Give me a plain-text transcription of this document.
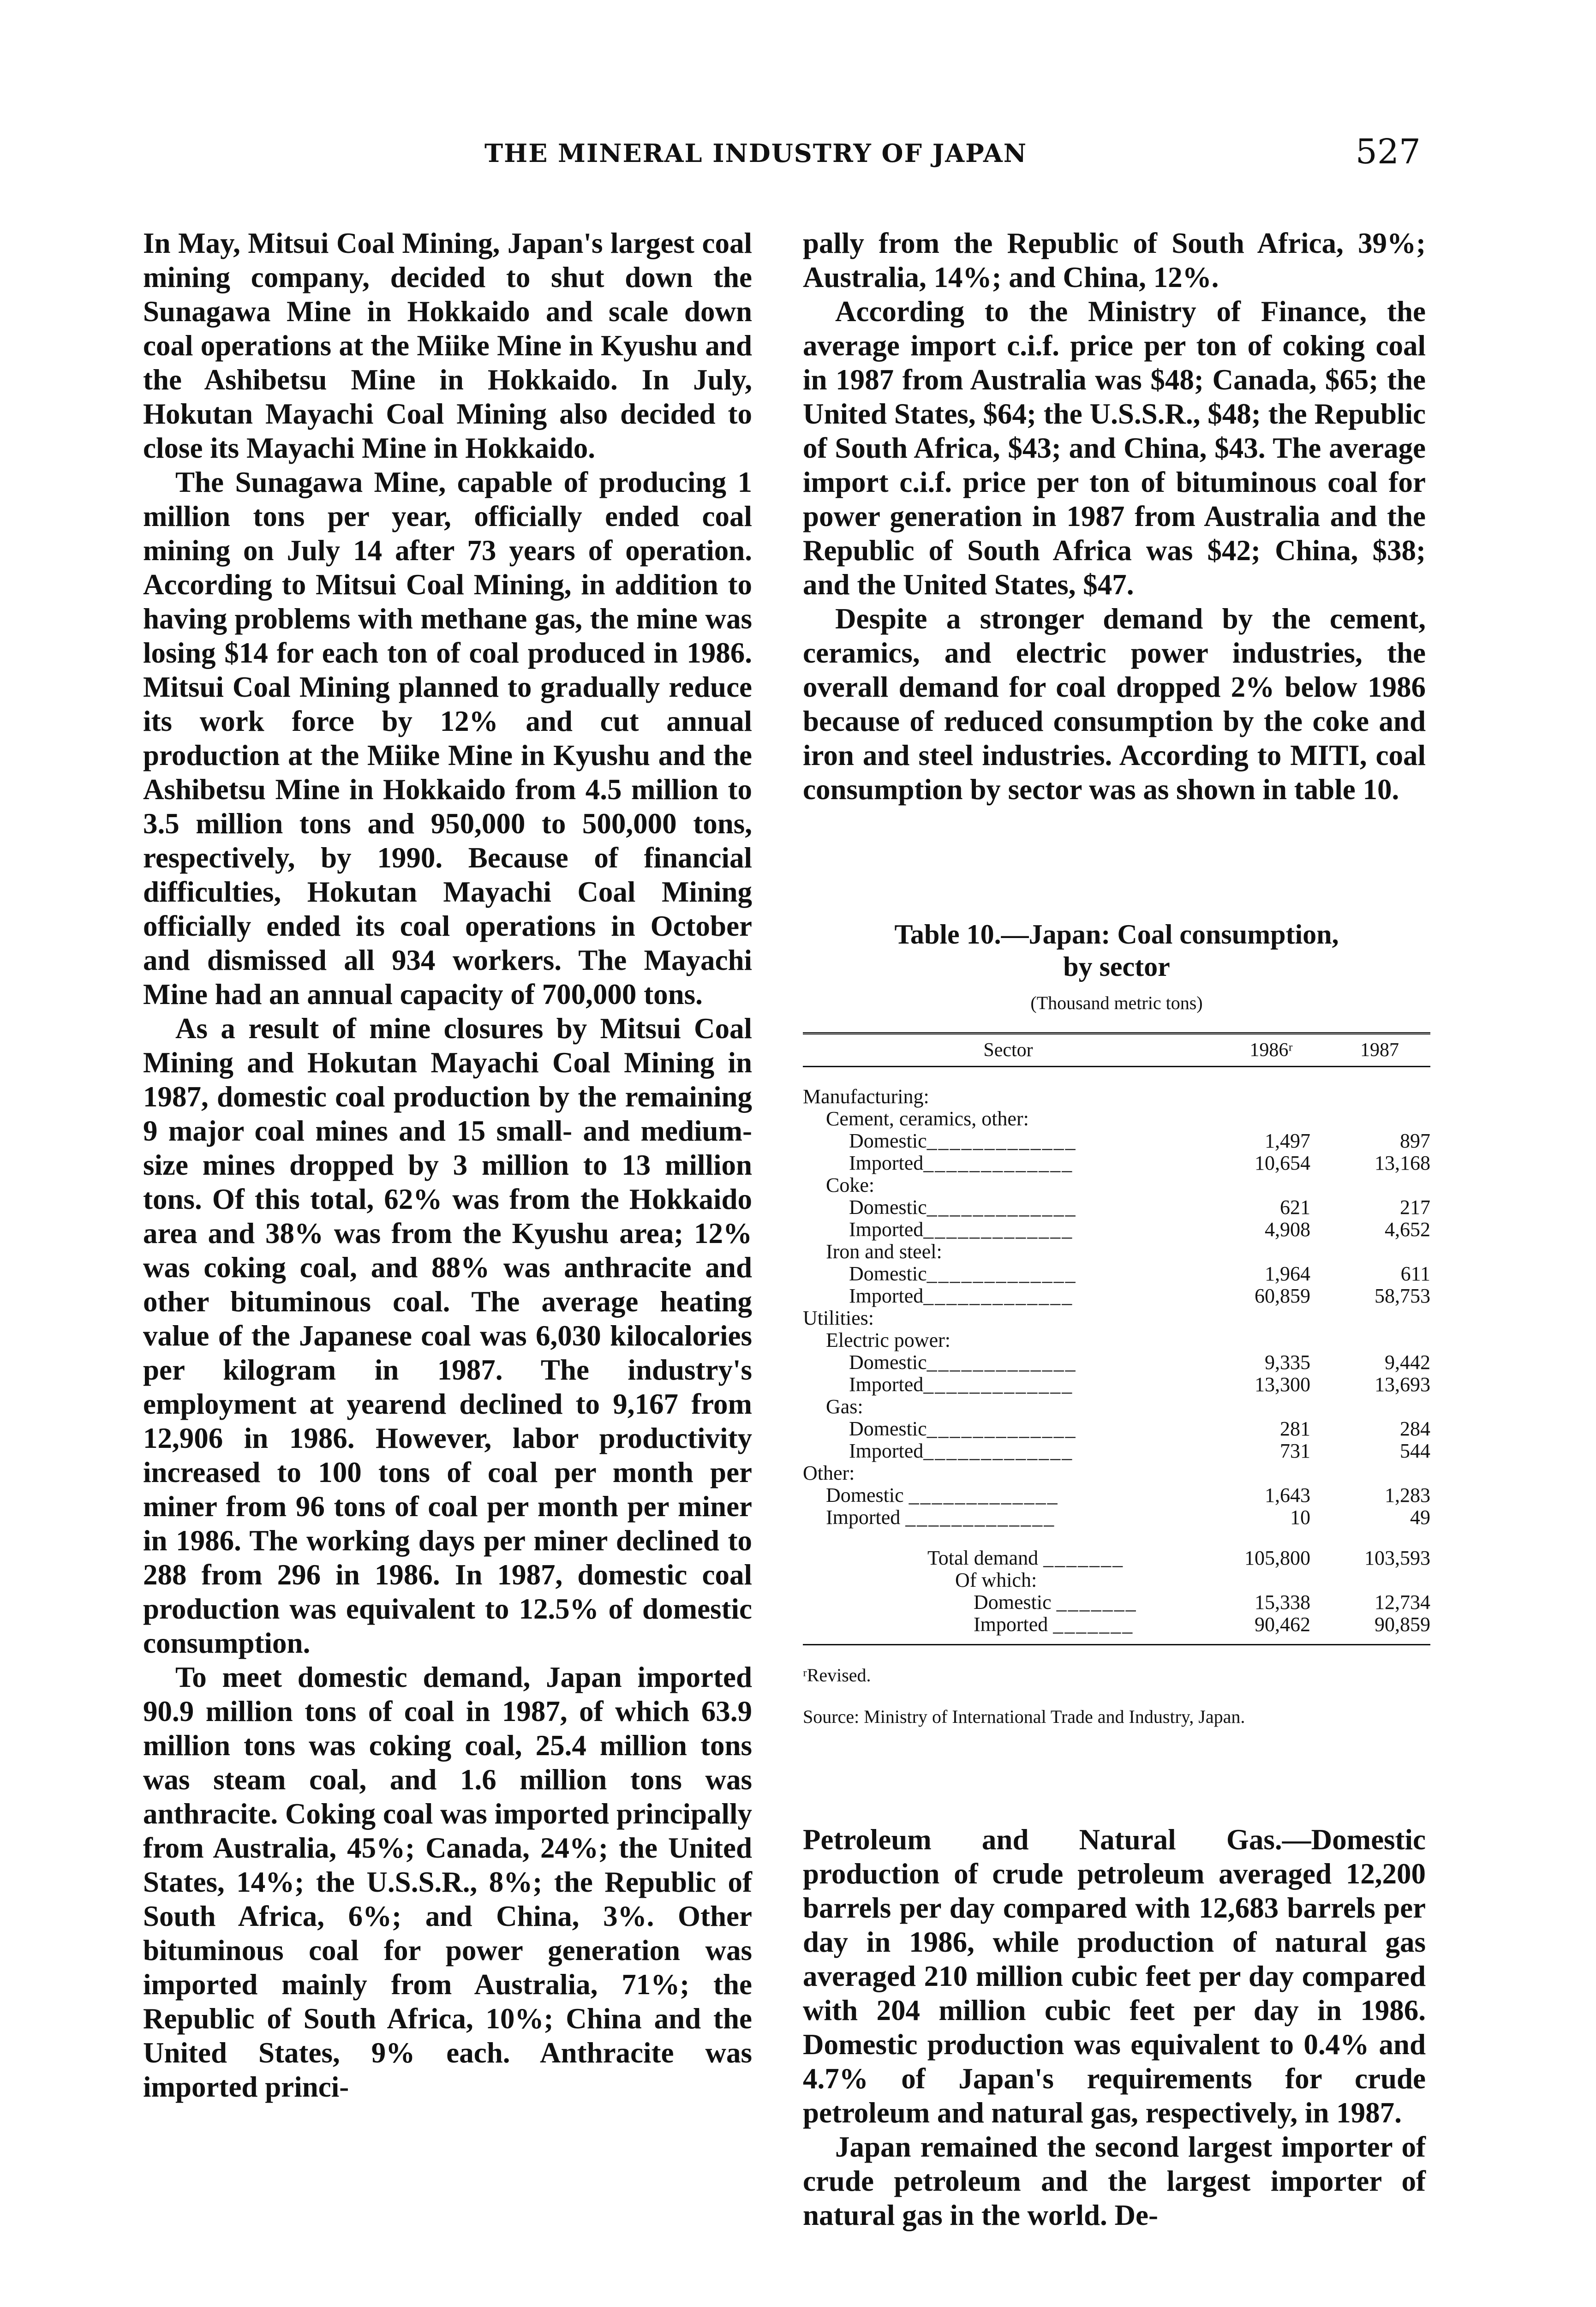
THE MINERAL INDUSTRY OF JAPAN	527

In May, Mitsui Coal Mining, Japan's largest coal mining company, decided to shut down the Sunagawa Mine in Hokkaido and scale down coal operations at the Miike Mine in Kyushu and the Ashibetsu Mine in Hokkaido. In July, Hokutan Mayachi Coal Mining also decided to close its Mayachi Mine in Hokkaido.

The Sunagawa Mine, capable of producing 1 million tons per year, officially ended coal mining on July 14 after 73 years of operation. According to Mitsui Coal Mining, in addition to having problems with methane gas, the mine was losing $14 for each ton of coal produced in 1986. Mitsui Coal Mining planned to gradually reduce its work force by 12% and cut annual production at the Miike Mine in Kyushu and the Ashibetsu Mine in Hokkaido from 4.5 million to 3.5 million tons and 950,000 to 500,000 tons, respectively, by 1990. Because of financial difficulties, Hokutan Mayachi Coal Mining officially ended its coal operations in October and dismissed all 934 workers. The Mayachi Mine had an annual capacity of 700,000 tons.

As a result of mine closures by Mitsui Coal Mining and Hokutan Mayachi Coal Mining in 1987, domestic coal production by the remaining 9 major coal mines and 15 small- and medium-size mines dropped by 3 million to 13 million tons. Of this total, 62% was from the Hokkaido area and 38% was from the Kyushu area; 12% was coking coal, and 88% was anthracite and other bituminous coal. The average heating value of the Japanese coal was 6,030 kilocalories per kilogram in 1987. The industry's employment at yearend declined to 9,167 from 12,906 in 1986. However, labor productivity increased to 100 tons of coal per month per miner from 96 tons of coal per month per miner in 1986. The working days per miner declined to 288 from 296 in 1986. In 1987, domestic coal production was equivalent to 12.5% of domestic consumption.

To meet domestic demand, Japan imported 90.9 million tons of coal in 1987, of which 63.9 million tons was coking coal, 25.4 million tons was steam coal, and 1.6 million tons was anthracite. Coking coal was imported principally from Australia, 45%; Canada, 24%; the United States, 14%; the U.S.S.R., 8%; the Republic of South Africa, 6%; and China, 3%. Other bituminous coal for power generation was imported mainly from Australia, 71%; the Republic of South Africa, 10%; China and the United States, 9% each. Anthracite was imported princi-

pally from the Republic of South Africa, 39%; Australia, 14%; and China, 12%.

According to the Ministry of Finance, the average import c.i.f. price per ton of coking coal in 1987 from Australia was $48; Canada, $65; the United States, $64; the U.S.S.R., $48; the Republic of South Africa, $43; and China, $43. The average import c.i.f. price per ton of bituminous coal for power generation in 1987 from Australia and the Republic of South Africa was $42; China, $38; and the United States, $47.

Despite a stronger demand by the cement, ceramics, and electric power industries, the overall demand for coal dropped 2% below 1986 because of reduced consumption by the coke and iron and steel industries. According to MITI, coal consumption by sector was as shown in table 10.

Table 10.—Japan: Coal consumption,
by sector
(Thousand metric tons)
Sector	1986ʳ	1987

Manufacturing:		
Cement, ceramics, other:		
Domestic_____________	1,497	897
Imported_____________	10,654	13,168
Coke:		
Domestic_____________	621	217
Imported_____________	4,908	4,652
Iron and steel:		
Domestic_____________	1,964	611
Imported_____________	60,859	58,753
Utilities:		
Electric power:		
Domestic_____________	9,335	9,442
Imported_____________	13,300	13,693
Gas:		
Domestic_____________	281	284
Imported_____________	731	544
Other:		
Domestic _____________	1,643	1,283
Imported _____________	10	49

Total demand _______	105,800	103,593
Of which:		
Domestic _______	15,338	12,734
Imported _______	90,462	90,859

ʳRevised.

Source: Ministry of International Trade and Industry, Japan.

Petroleum and Natural Gas.—Domestic production of crude petroleum averaged 12,200 barrels per day compared with 12,683 barrels per day in 1986, while production of natural gas averaged 210 million cubic feet per day compared with 204 million cubic feet per day in 1986. Domestic production was equivalent to 0.4% and 4.7% of Japan's requirements for crude petroleum and natural gas, respectively, in 1987.

Japan remained the second largest importer of crude petroleum and the largest importer of natural gas in the world. De-
